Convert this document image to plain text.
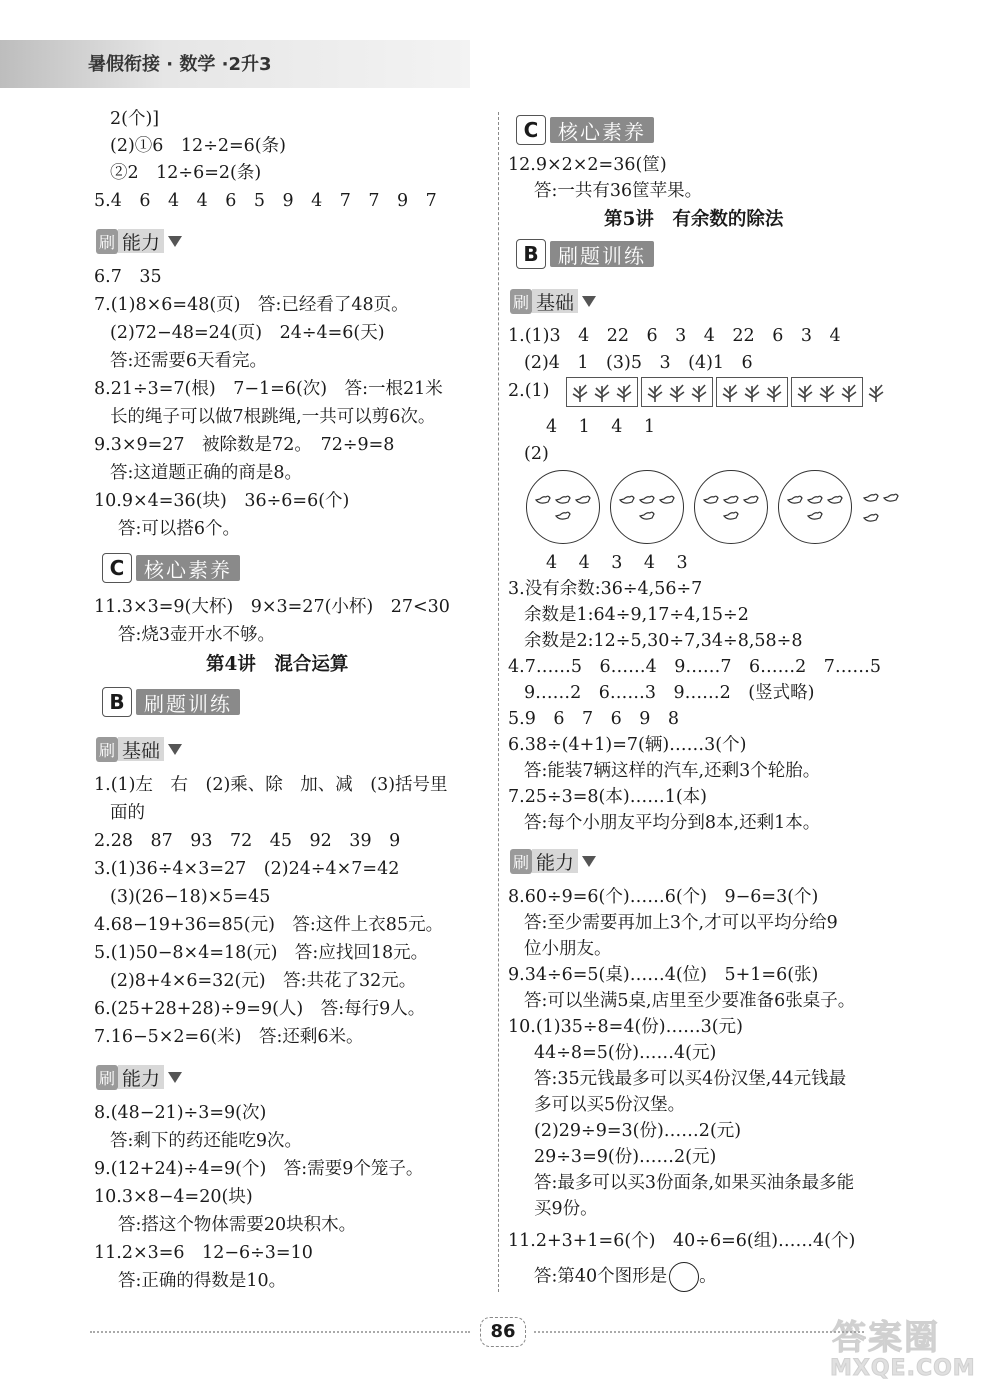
暑假衔接 · 数学 ·2升3
2(个)]
(2)①6　12÷2=6(条)
②2　12÷6=2(条)
5.4　6　4　4　6　5　9　4　7　7　9　7
刷 能力
6.7　35
7.(1)8×6=48(页)　答:已经看了48页。
(2)72−48=24(页)　24÷4=6(天)
答:还需要6天看完。
8.21÷3=7(根)　7−1=6(次)　答:一根21米
长的绳子可以做7根跳绳,一共可以剪6次。
9.3×9=27　被除数是72。　72÷9=8
答:这道题正确的商是8。
10.9×4=36(块)　36÷6=6(个)
答:可以搭6个。
C 核心素养
11.3×3=9(大杯)　9×3=27(小杯)　27<30
答:烧3壶开水不够。
第4讲　混合运算
B 刷题训练
刷 基础
1.(1)左　右　(2)乘、除　加、减　(3)括号里
面的
2.28　87　93　72　45　92　39　9
3.(1)36÷4×3=27　(2)24÷4×7=42
(3)(26−18)×5=45
4.68−19+36=85(元)　答:这件上衣85元。
5.(1)50−8×4=18(元)　答:应找回18元。
(2)8+4×6=32(元)　答:共花了32元。
6.(25+28+28)÷9=9(人)　答:每行9人。
7.16−5×2=6(米)　答:还剩6米。
刷 能力
8.(48−21)÷3=9(次)
答:剩下的药还能吃9次。
9.(12+24)÷4=9(个)　答:需要9个笼子。
10.3×8−4=20(块)
答:搭这个物体需要20块积木。
11.2×3=6　12−6÷3=10
答:正确的得数是10。
C 核心素养
12.9×2×2=36(筐)
答:一共有36筐苹果。
第5讲　有余数的除法
B 刷题训练
刷 基础
1.(1)3　4　22　6　3　4　22　6　3　4
(2)4　1　(3)5　3　(4)1　6
2.(1)
4　1　4　1
(2)
4　4　3　4　3
3.没有余数:36÷4,56÷7
余数是1:64÷9,17÷4,15÷2
余数是2:12÷5,30÷7,34÷8,58÷8
4.7……5　6……4　9……7　6……2　7……5
9……2　6……3　9……2　(竖式略)
5.9　6　7　6　9　8
6.38÷(4+1)=7(辆)……3(个)
答:能装7辆这样的汽车,还剩3个轮胎。
7.25÷3=8(本)……1(本)
答:每个小朋友平均分到8本,还剩1本。
刷 能力
8.60÷9=6(个)……6(个)　9−6=3(个)
答:至少需要再加上3个,才可以平均分给9
位小朋友。
9.34÷6=5(桌)……4(位)　5+1=6(张)
答:可以坐满5桌,店里至少要准备6张桌子。
10.(1)35÷8=4(份)……3(元)
44÷8=5(份)……4(元)
答:35元钱最多可以买4份汉堡,44元钱最
多可以买5份汉堡。
(2)29÷9=3(份)……2(元)
29÷3=9(份)……2(元)
答:最多可以买3份面条,如果买油条最多能
买9份。
11.2+3+1=6(个)　40÷6=6(组)……4(个)
答:第40个图形是 。
86	答案圈
MXQE.COM
